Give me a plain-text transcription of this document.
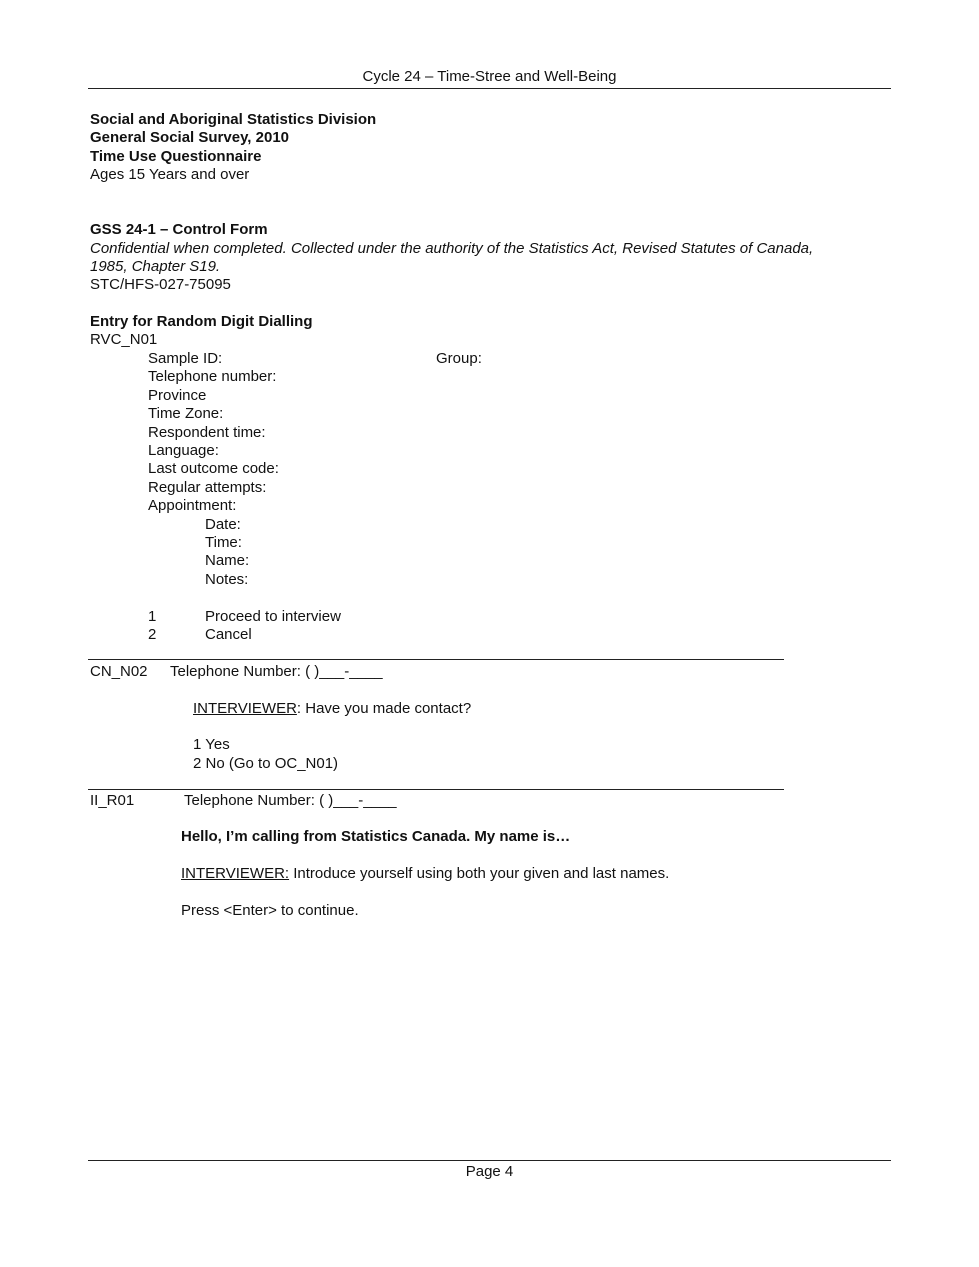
Cycle 24 – Time-Stree and Well-Being
Social and Aboriginal Statistics Division
General Social Survey, 2010
Time Use Questionnaire
Ages 15 Years and over
GSS 24-1 – Control Form
Confidential when completed. Collected under the authority of the Statistics Act, Revised Statutes of Canada,
1985, Chapter S19.
STC/HFS-027-75095
Entry for Random Digit Dialling
RVC_N01
Sample ID:	Group:
Telephone number:
Province
Time Zone:
Respondent time:
Language:
Last outcome code:
Regular attempts:
Appointment:
Date:
Time:
Name:
Notes:
1	Proceed to interview
2	Cancel
CN_N02 Telephone Number: ( )___-____
INTERVIEWER: Have you made contact?
1 Yes
2 No (Go to OC_N01)
II_R01	Telephone Number: ( )___-____
Hello, I’m calling from Statistics Canada. My name is…
INTERVIEWER: Introduce yourself using both your given and last names.
Press <Enter> to continue.
Page 4
